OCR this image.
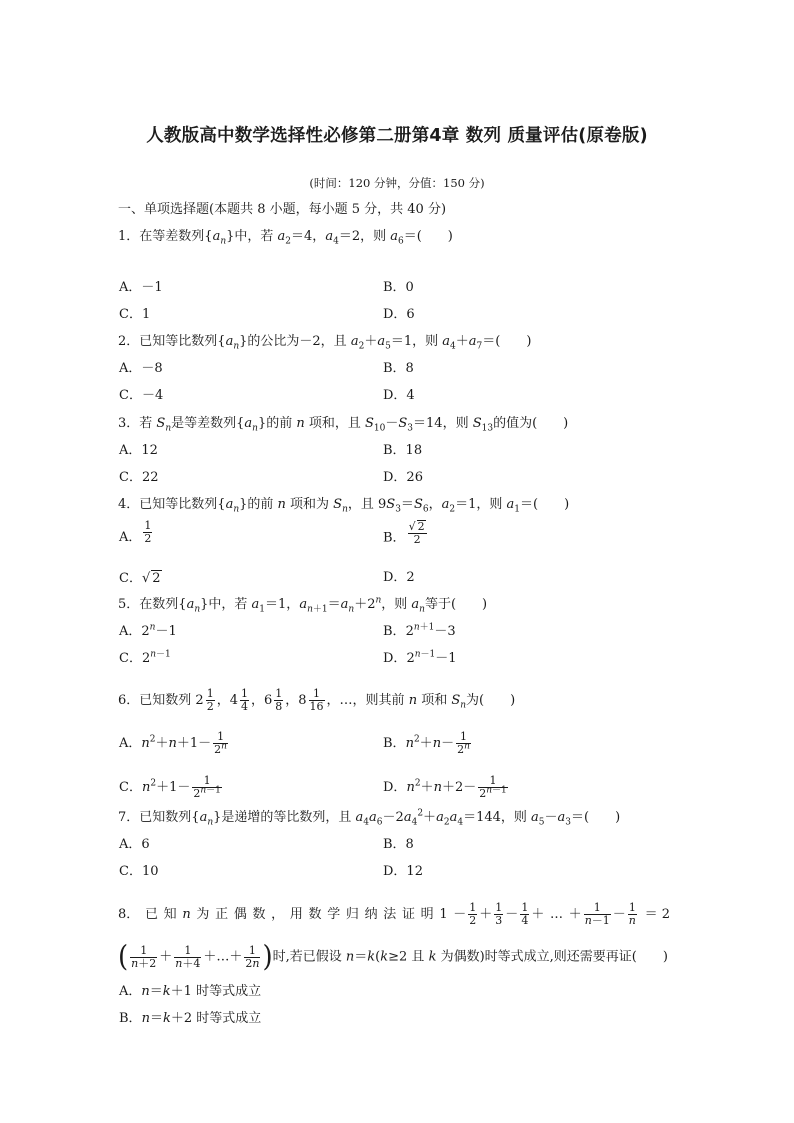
人教版高中数学选择性必修第二册第4章 数列 质量评估(原卷版)
(时间：120 分钟，分值：150 分)
一、单项选择题(本题共 8 小题，每小题 5 分，共 40 分)
1．在等差数列$\{a_n\}$中，若 $a_2=4$，$a_4=2$，则 $a_6=$(　　)
A．－1	B．0
C．1	D．6
2．已知等比数列$\{a_n\}$的公比为－2，且 $a_2+a_5=1$，则 $a_4+a_7=$(　　)
A．－8	B．8
C．－4	D．4
3．若 $S_n$是等差数列$\{a_n\}$的前 n 项和，且 $S_{10}-S_3=14$，则 $S_{13}$的值为(　　)
A．12	B．18
C．22	D．26
4．已知等比数列$\{a_n\}$的前 n 项和为 $S_n$，且 $9S_3=S_6$，$a_2=1$，则 $a_1=$(　　)
A． $\frac{1}{2}$	B． $\frac{√ 2}{2}$
C．√ 2	D．2
5．在数列$\{a_n\}$中，若 $a_1=1$，$a_{n+1}=a_n+2^n$，则 $a_n$等于(　　)
A．$2^n-1$	B．$2^{n+1}-3$
C．$2^{n-1}$	D．$2^{n-1}-1$
6．已知数列 $2 \frac{1}{2}$ ，$4 \frac{1}{4}$ ，$6 \frac{1}{8}$ ，$8 \frac{1}{16}$ ，…，则其前 n 项和 $S_n$为(　　)
A．$n^2+n+1- \frac{1}{2^n}$	B．$n^2+n- \frac{1}{2^n}$
C．$n^2+1- \frac{1}{2^{n-1}}$	D．$n^2+n+2- \frac{1}{2^{n-1}}$
7．已知数列$\{a_n\}$是递增的等比数列，且 $a_4a_6-2a_4^2+a_2a_4=144$，则 $a_5-a_3=$(　　)
A．6	B．8
C．10	D．12
8． 已 知 n 为 正 偶 数 ， 用 数 学 归 纳 法 证 明 $1 - \frac{1}{2} + \frac{1}{3} - \frac{1}{4}$ ＋ … ＋ $\frac{1}{n-1} - \frac{1}{n} = 2$
( $\frac{1}{n+2} + \frac{1}{n+4}$ ＋…＋ $\frac{1}{2n}$ )时,若已假设 n＝k(k≥2 且 k 为偶数)时等式成立,则还需要再证(　　)
A．n＝k＋1 时等式成立
B．n＝k＋2 时等式成立
